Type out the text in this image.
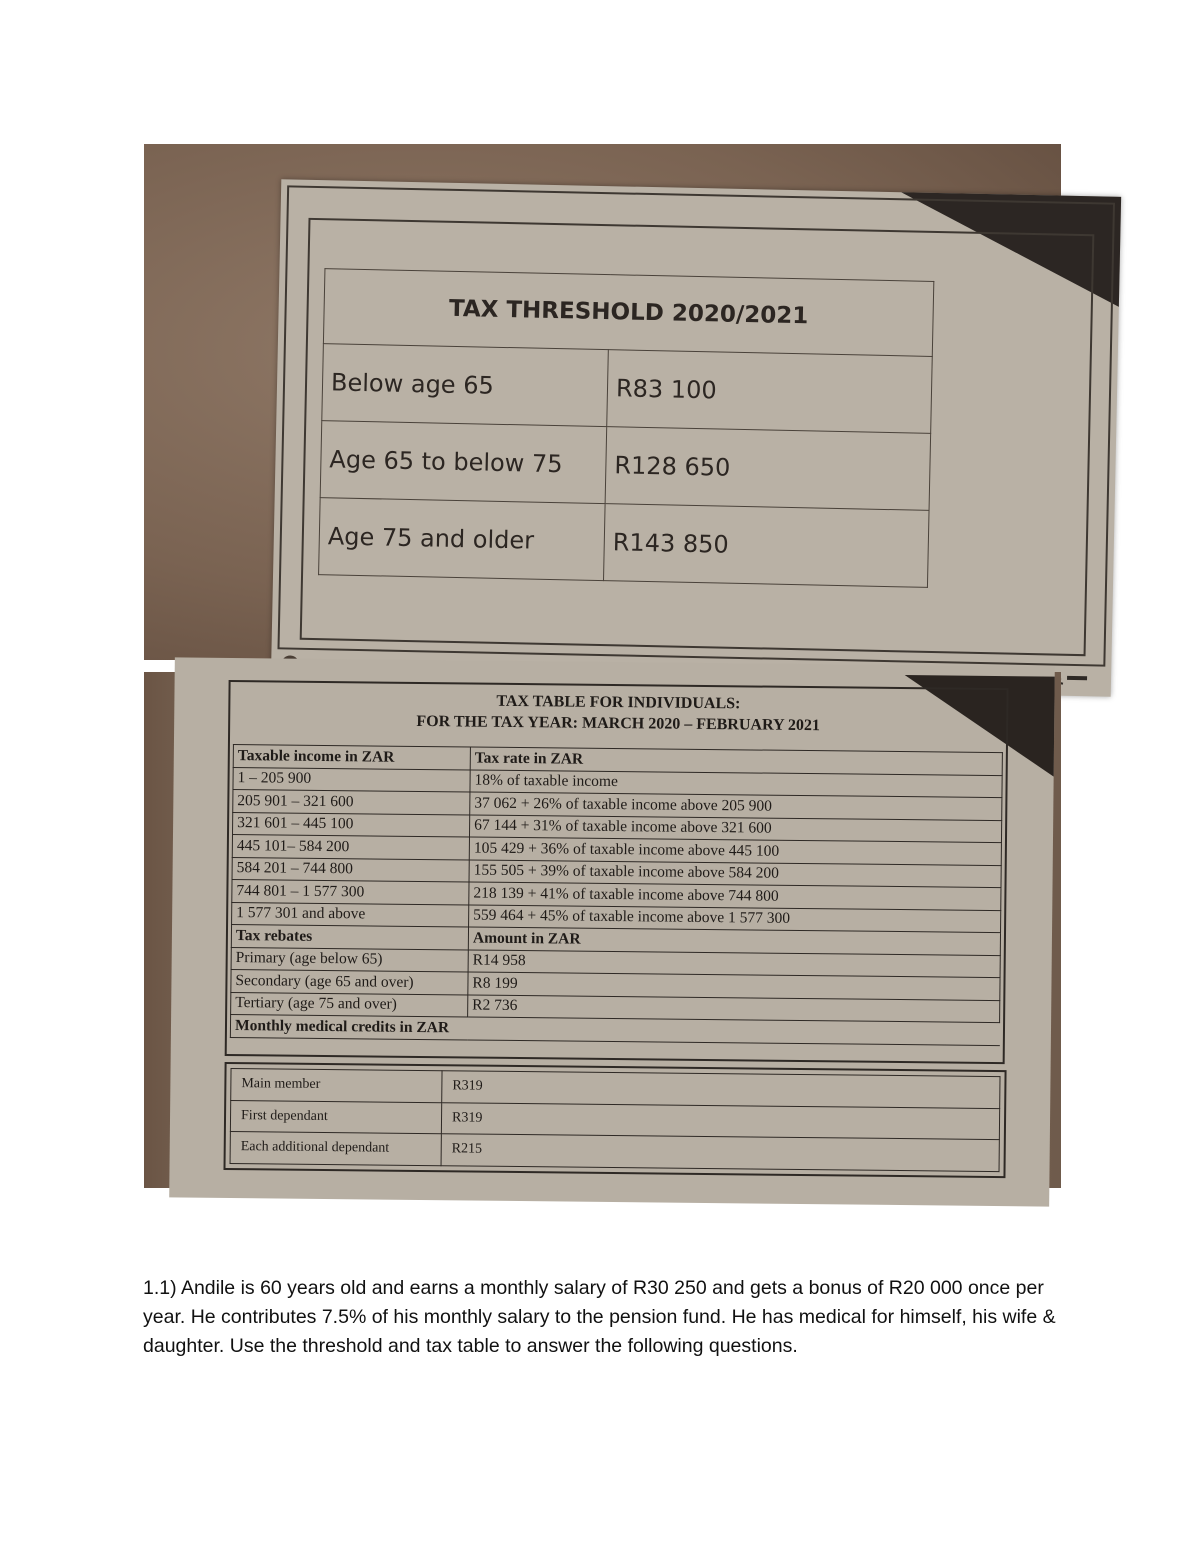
TAX THRESHOLD 2020/2021	
Below age 65	R83 100
Age 65 to below 75	R128 650
Age 75 and older	R143 850

TAX TABLE FOR INDIVIDUALS:
FOR THE TAX YEAR: MARCH 2020 – FEBRUARY 2021
Taxable income in ZAR	Tax rate in ZAR
1 – 205 900	18% of taxable income
205 901 – 321 600	37 062 + 26% of taxable income above 205 900
321 601 – 445 100	67 144 + 31% of taxable income above 321 600
445 101– 584 200	105 429 + 36% of taxable income above 445 100
584 201 – 744 800	155 505 + 39% of taxable income above 584 200
744 801 – 1 577 300	218 139 + 41% of taxable income above 744 800
1 577 301 and above	559 464 + 45% of taxable income above 1 577 300
Tax rebates	Amount in ZAR
Primary (age below 65)	R14 958
Secondary (age 65 and over)	R8 199
Tertiary (age 75 and over)	R2 736
Monthly medical credits in ZAR	
Main member	R319
First dependant	R319
Each additional dependant	R215

1.1) Andile is 60 years old and earns a monthly salary of R30 250 and gets a bonus of R20 000 once per year. He contributes 7.5% of his monthly salary to the pension fund. He has medical for himself, his wife & daughter. Use the threshold and tax table to answer the following questions.
